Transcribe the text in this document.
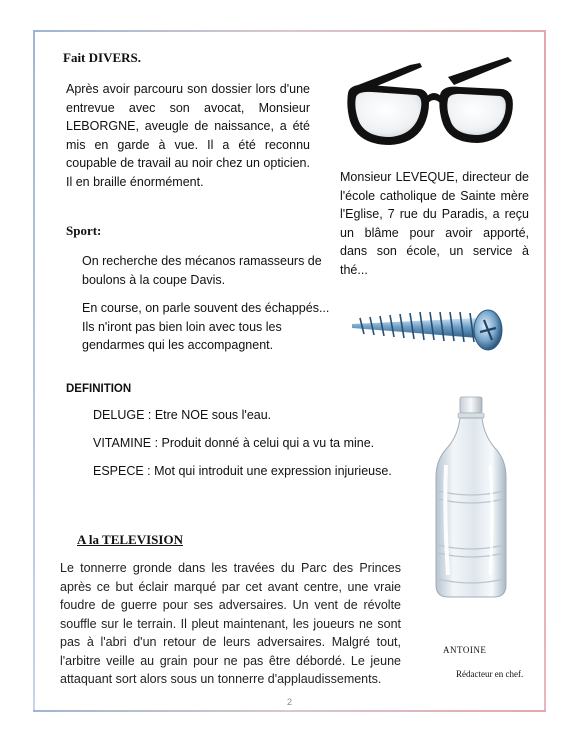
Fait DIVERS.
Après avoir parcouru son dossier lors d'une entrevue avec son avocat, Monsieur LEBORGNE, aveugle de naissance, a été mis en garde à vue. Il a été reconnu coupable de travail au noir chez un opticien. Il en braille énormément.	Monsieur LEVEQUE, directeur de l'école catholique de Sainte mère l'Eglise, 7 rue du Paradis, a reçu un blâme pour avoir apporté, dans son école, un service à thé...
Sport:
On recherche des mécanos ramasseurs de boulons à la coupe Davis.
En course, on parle souvent des échappés... Ils n'iront pas bien loin avec tous les gendarmes qui les accompagnent.
DEFINITION
DELUGE : Etre NOE sous l'eau.
VITAMINE : Produit donné à celui qui a vu ta mine.
ESPECE : Mot qui introduit une expression injurieuse.
A la TELEVISION
Le tonnerre gronde dans les travées du Parc des Princes après ce but éclair marqué par cet avant centre, une vraie foudre de guerre pour ses adversaires. Un vent de révolte souffle sur le terrain. Il pleut maintenant, les joueurs ne sont pas à l'abri d'un retour de leurs adversaires. Malgré tout, l'arbitre veille au grain pour ne pas être débordé. Le jeune attaquant sort alors sous un tonnerre d'applaudissements.
ANTOINE
Rédacteur en chef.
2
